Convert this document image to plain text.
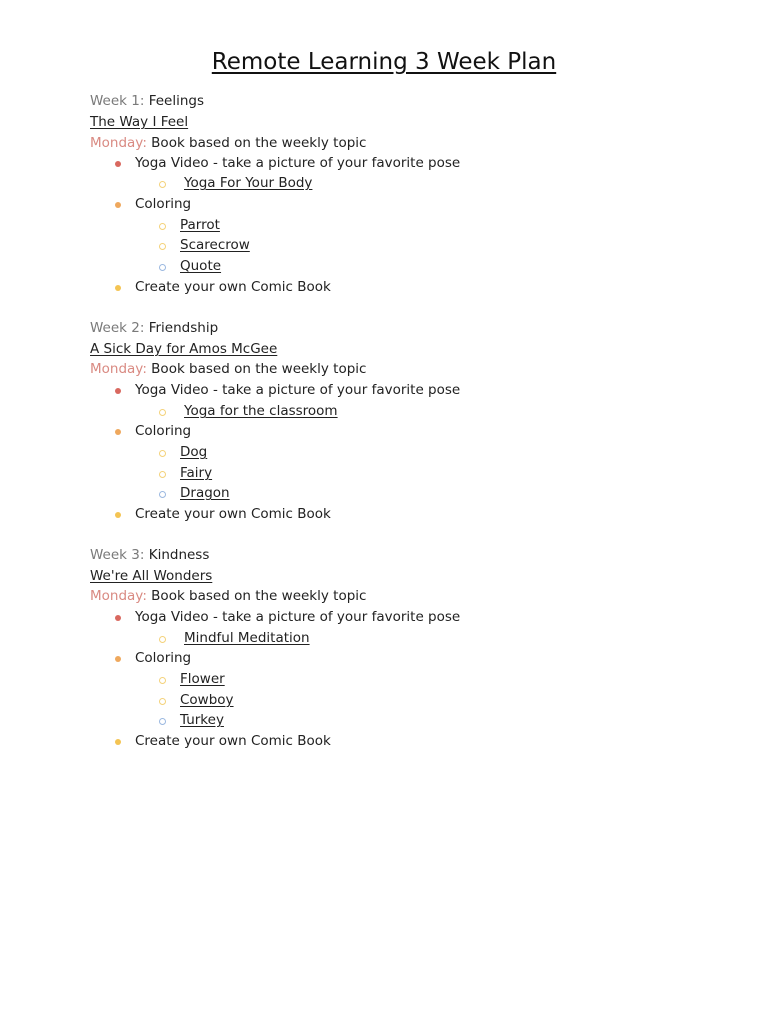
Remote Learning 3 Week Plan
Week 1: Feelings
The Way I Feel
Monday: Book based on the weekly topic
Yoga Video - take a picture of your favorite pose
Yoga For Your Body
Coloring
Parrot
Scarecrow
Quote
Create your own Comic Book
Week 2: Friendship
A Sick Day for Amos McGee
Monday: Book based on the weekly topic
Yoga Video - take a picture of your favorite pose
Yoga for the classroom
Coloring
Dog
Fairy
Dragon
Create your own Comic Book
Week 3: Kindness
We're All Wonders
Monday: Book based on the weekly topic
Yoga Video - take a picture of your favorite pose
Mindful Meditation
Coloring
Flower
Cowboy
Turkey
Create your own Comic Book
